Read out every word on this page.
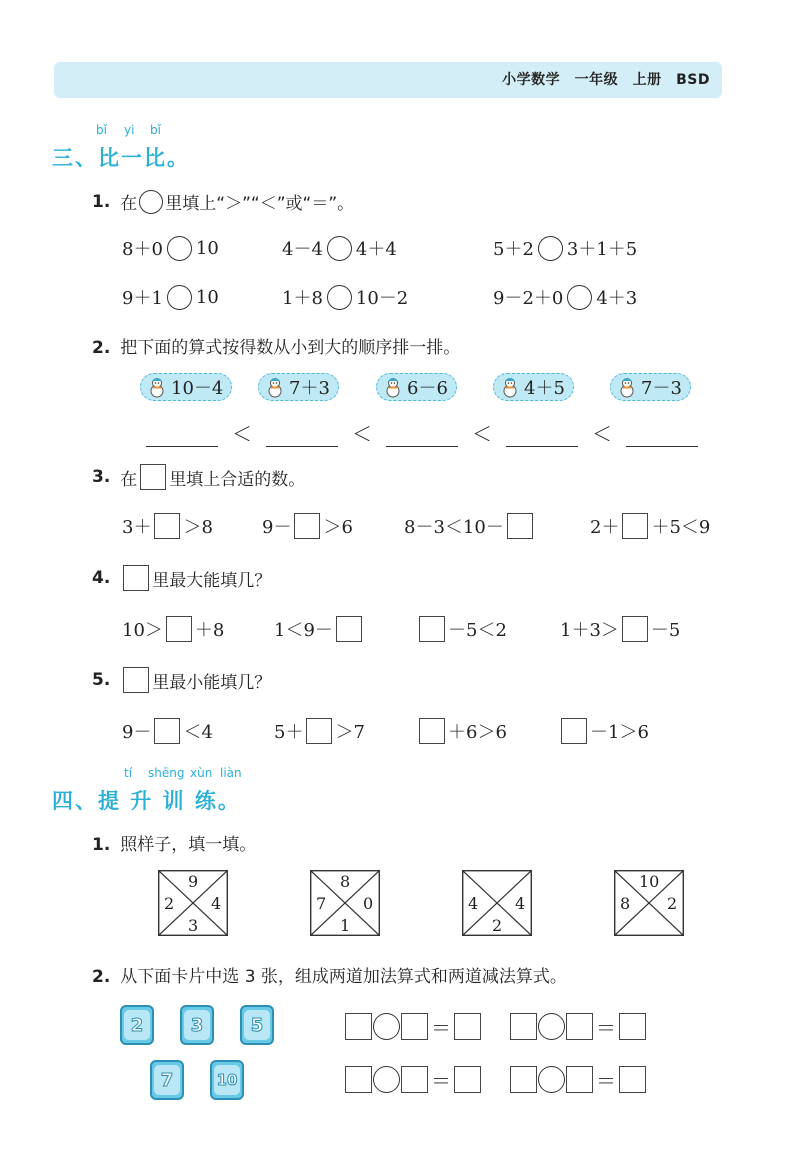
小学数学　一年级　上册　BSD
bǐ yi bǐ
三、比一比。
1. 在 里填上“＞”“＜”或“＝”。
8＋0 10	4－4 4＋4	5＋2 3＋1＋5
9＋1 10	1＋8 10－2	9－2＋0 4＋3
2. 把下面的算式按得数从小到大的顺序排一排。
10－4	7＋3	6－6	4＋5	7－3
＜	＜	＜	＜
3. 在 里填上合适的数。
3＋ ＞8	9－ ＞6	8－3＜10－	2＋ ＋5＜9
4. 里最大能填几？
10＞ ＋8	1＜9－	－5＜2	1＋3＞ －5
5. 里最小能填几？
9－ ＜4	5＋ ＞7	＋6＞6	－1＞6
tí shēng xùn liàn
四、提 升 训 练。
1. 照样子，填一填。
9
2 4
3
8
7 0
1
4 4
2
10
8 2
2. 从下面卡片中选 3 张，组成两道加法算式和两道减法算式。
2	3	5
7	10
＝	＝
＝	＝
